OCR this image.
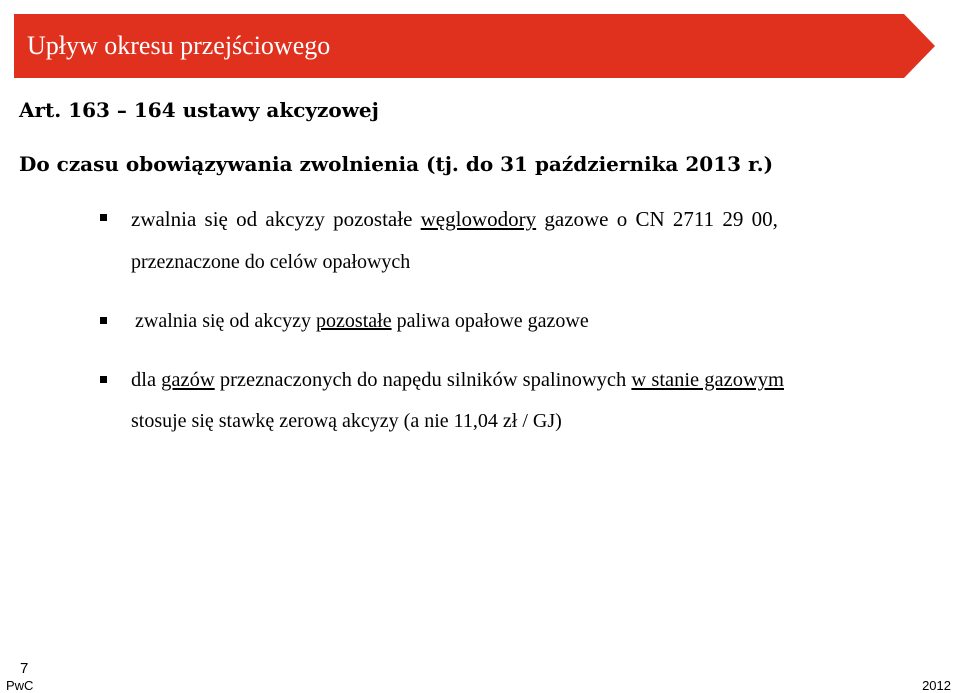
Upływ okresu przejściowego
Art. 163 – 164 ustawy akcyzowej
Do czasu obowiązywania zwolnienia (tj. do 31 października 2013 r.)
zwalnia się od akcyzy pozostałe węglowodory gazowe o CN 2711 29 00,
przeznaczone do celów opałowych
zwalnia się od akcyzy pozostałe paliwa opałowe gazowe
dla gazów przeznaczonych do napędu silników spalinowych w stanie gazowym
stosuje się stawkę zerową akcyzy (a nie 11,04 zł / GJ)
7
PwC	2012
